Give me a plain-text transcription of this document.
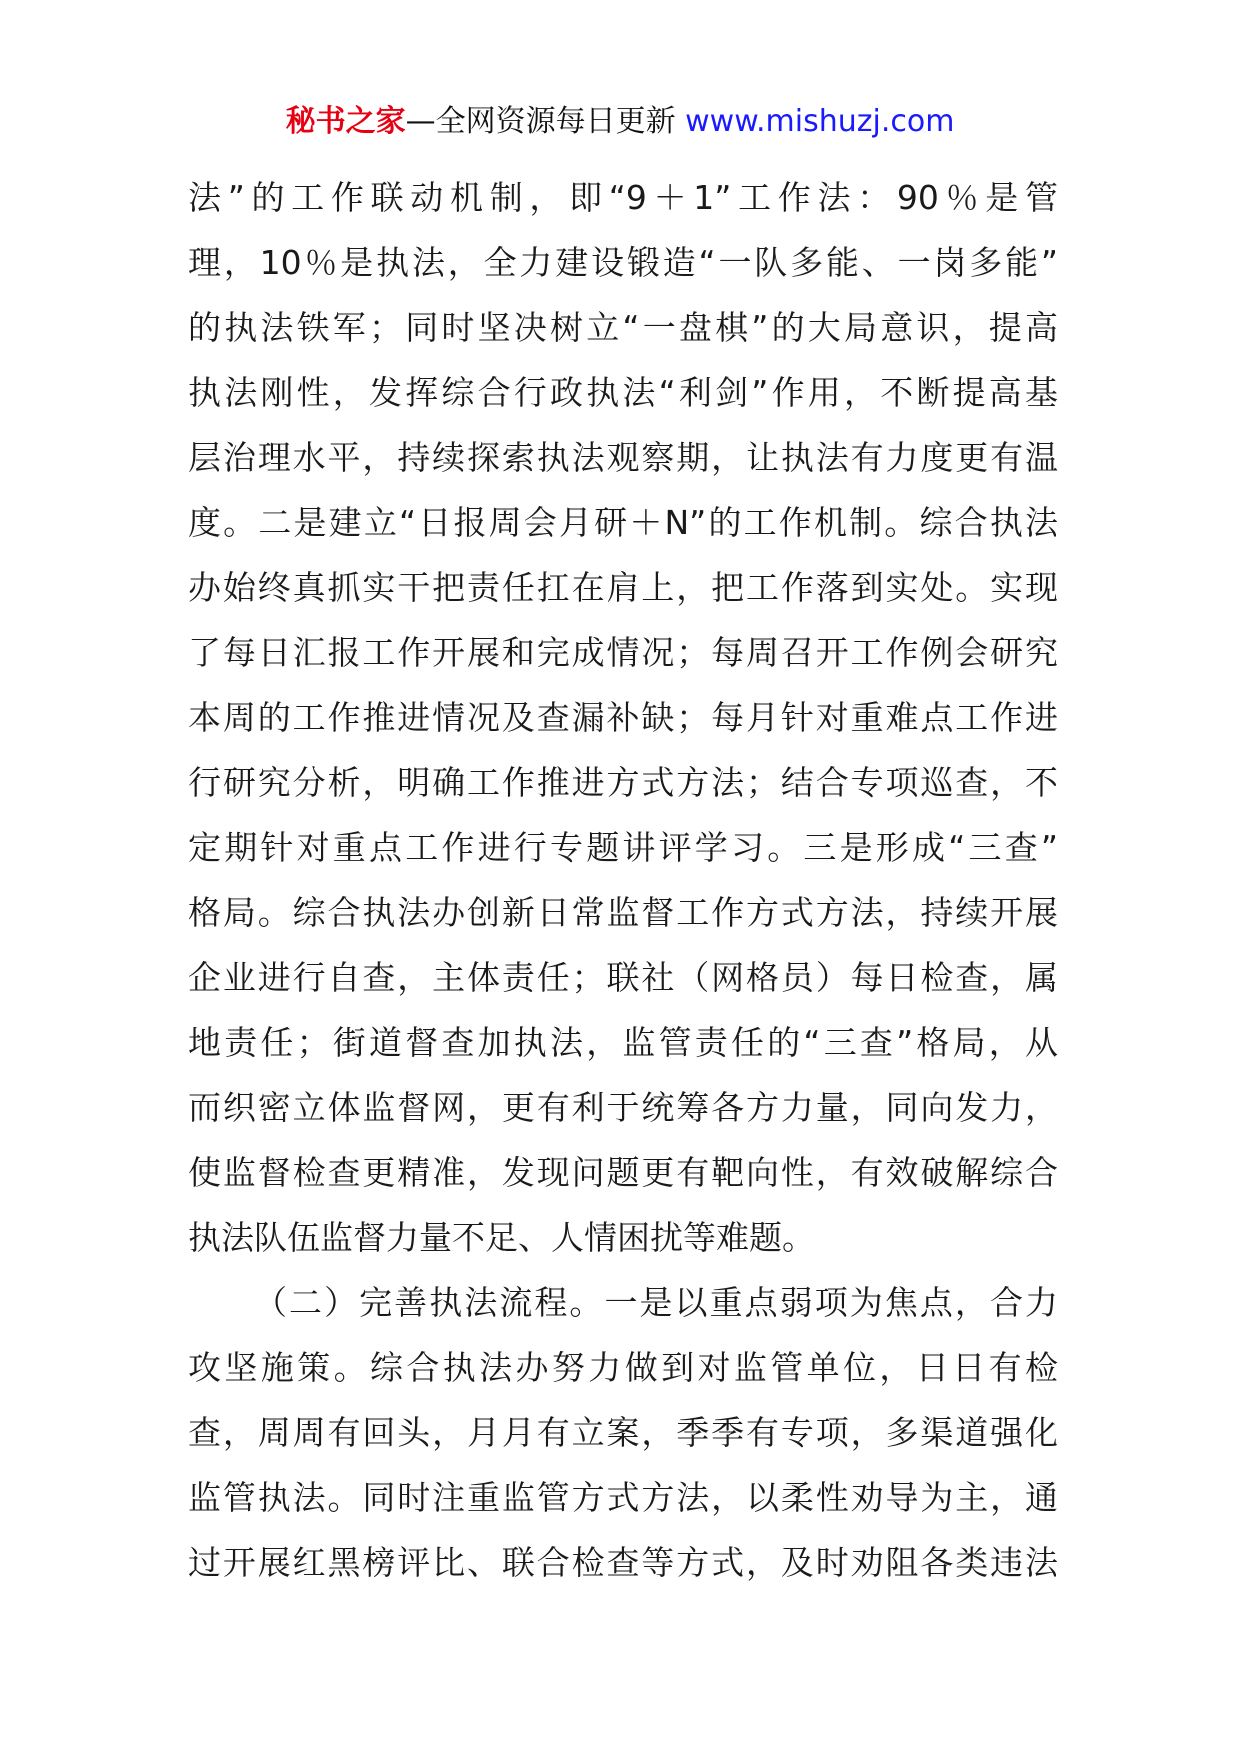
秘书之家—全网资源每日更新 www.mishuzj.com
法”的工作联动机制，即“9＋1”工作法：90％是管
理，10％是执法，全力建设锻造“一队多能、一岗多能”
的执法铁军；同时坚决树立“一盘棋”的大局意识，提高
执法刚性，发挥综合行政执法“利剑”作用，不断提高基
层治理水平，持续探索执法观察期，让执法有力度更有温
度。二是建立“日报周会月研＋N”的工作机制。综合执法
办始终真抓实干把责任扛在肩上，把工作落到实处。实现
了每日汇报工作开展和完成情况；每周召开工作例会研究
本周的工作推进情况及查漏补缺；每月针对重难点工作进
行研究分析，明确工作推进方式方法；结合专项巡查，不
定期针对重点工作进行专题讲评学习。三是形成“三查”
格局。综合执法办创新日常监督工作方式方法，持续开展
企业进行自查，主体责任；联社（网格员）每日检查，属
地责任；街道督查加执法，监管责任的“三查”格局，从
而织密立体监督网，更有利于统筹各方力量，同向发力，
使监督检查更精准，发现问题更有靶向性，有效破解综合
执法队伍监督力量不足、人情困扰等难题。
（二）完善执法流程。一是以重点弱项为焦点，合力
攻坚施策。综合执法办努力做到对监管单位，日日有检
查，周周有回头，月月有立案，季季有专项，多渠道强化
监管执法。同时注重监管方式方法，以柔性劝导为主，通
过开展红黑榜评比、联合检查等方式，及时劝阻各类违法
